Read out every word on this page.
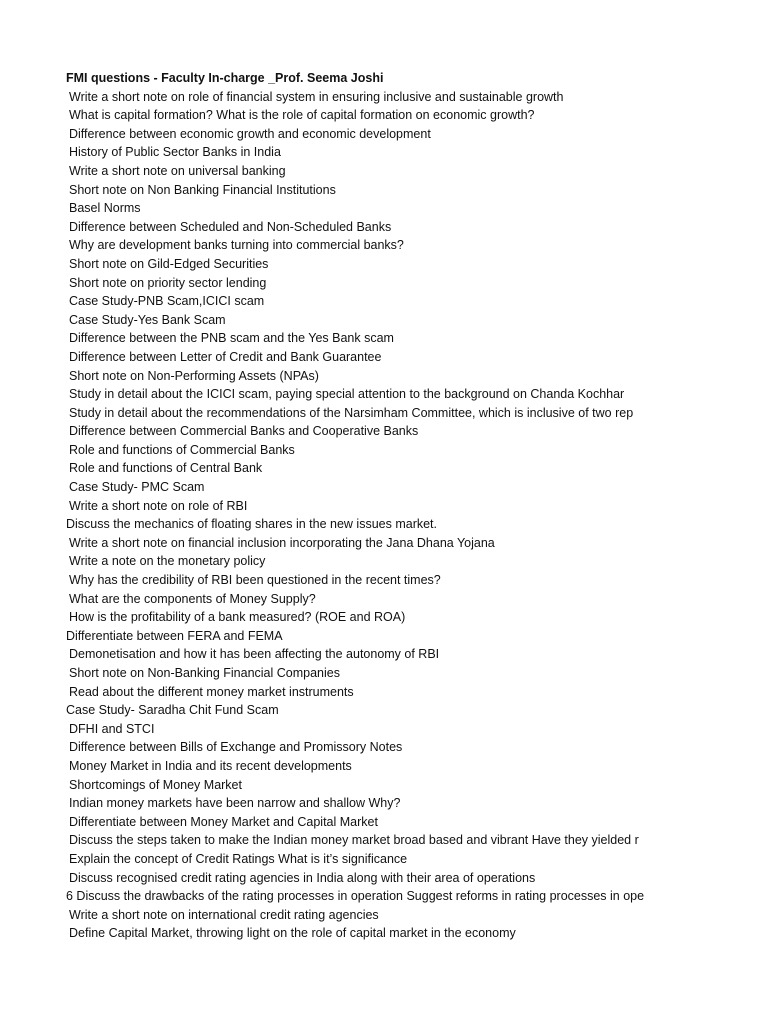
FMI questions - Faculty In-charge _Prof. Seema Joshi
Write a short note on role of financial system in ensuring inclusive and sustainable growth
What is capital formation? What is the role of capital formation on economic growth?
Difference between economic growth and economic development
History of Public Sector Banks in India
Write a short note on universal banking
Short note on Non Banking Financial Institutions
Basel Norms
Difference between Scheduled and Non-Scheduled Banks
Why are development banks turning into commercial banks?
Short note on Gild-Edged Securities
Short note on priority sector lending
Case Study-PNB Scam,ICICI scam
Case Study-Yes Bank Scam
Difference between the PNB scam and the Yes Bank scam
Difference between Letter of Credit and Bank Guarantee
Short note on Non-Performing Assets (NPAs)
Study in detail about the ICICI scam, paying special attention to the background on Chanda Kochhar
Study in detail about the recommendations of the Narsimham Committee, which is inclusive of two rep
Difference between Commercial Banks and Cooperative Banks
Role and functions of Commercial Banks
Role and functions of Central Bank
Case Study- PMC Scam
Write a short note on role of RBI
Discuss the mechanics of floating shares in the new issues market.
Write a short note on financial inclusion incorporating the Jana Dhana Yojana
Write a note on the monetary policy
Why has the credibility of RBI been questioned in the recent times?
What are the components of Money Supply?
How is the profitability of a bank measured? (ROE and ROA)
Differentiate between FERA and FEMA
Demonetisation and how it has been affecting the autonomy of RBI
Short note on Non-Banking Financial Companies
Read about the different money market instruments
Case Study- Saradha Chit Fund Scam
DFHI and STCI
Difference between Bills of Exchange and Promissory Notes
Money Market in India and its recent developments
Shortcomings of Money Market
Indian money markets have been narrow and shallow Why?
Differentiate between Money Market and Capital Market
Discuss the steps taken to make the Indian money market broad based and vibrant Have they yielded r
Explain the concept of Credit Ratings What is it’s significance
Discuss recognised credit rating agencies in India along with their area of operations
6 Discuss the drawbacks of the rating processes in operation Suggest reforms in rating processes in ope
Write a short note on international credit rating agencies
Define Capital Market, throwing light on the role of capital market in the economy
